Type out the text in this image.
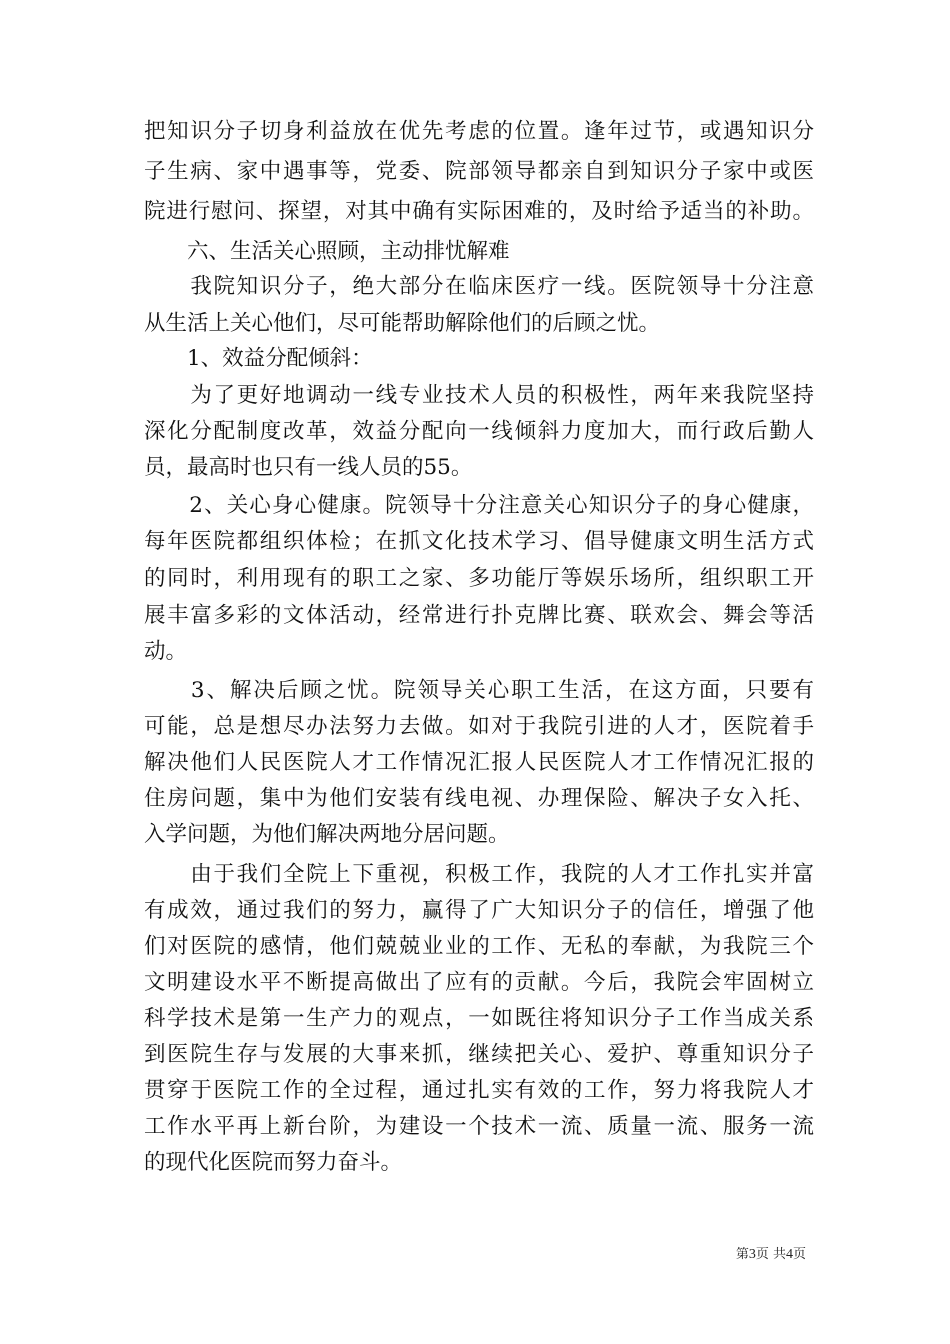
把知识分子切身利益放在优先考虑的位置。逢年过节，或遇知识分
子生病、家中遇事等，党委、院部领导都亲自到知识分子家中或医
院进行慰问、探望，对其中确有实际困难的，及时给予适当的补助。
　　六、生活关心照顾，主动排忧解难
　　我院知识分子，绝大部分在临床医疗一线。医院领导十分注意
从生活上关心他们，尽可能帮助解除他们的后顾之忧。
　　1、效益分配倾斜：
　　为了更好地调动一线专业技术人员的积极性，两年来我院坚持
深化分配制度改革，效益分配向一线倾斜力度加大，而行政后勤人
员，最高时也只有一线人员的55。
　　2、关心身心健康。院领导十分注意关心知识分子的身心健康，
每年医院都组织体检；在抓文化技术学习、倡导健康文明生活方式
的同时，利用现有的职工之家、多功能厅等娱乐场所，组织职工开
展丰富多彩的文体活动，经常进行扑克牌比赛、联欢会、舞会等活
动。
　　3、解决后顾之忧。院领导关心职工生活，在这方面，只要有
可能，总是想尽办法努力去做。如对于我院引进的人才，医院着手
解决他们人民医院人才工作情况汇报人民医院人才工作情况汇报的
住房问题，集中为他们安装有线电视、办理保险、解决子女入托、
入学问题，为他们解决两地分居问题。
　　由于我们全院上下重视，积极工作，我院的人才工作扎实并富
有成效，通过我们的努力，赢得了广大知识分子的信任，增强了他
们对医院的感情，他们兢兢业业的工作、无私的奉献，为我院三个
文明建设水平不断提高做出了应有的贡献。今后，我院会牢固树立
科学技术是第一生产力的观点，一如既往将知识分子工作当成关系
到医院生存与发展的大事来抓，继续把关心、爱护、尊重知识分子
贯穿于医院工作的全过程，通过扎实有效的工作，努力将我院人才
工作水平再上新台阶，为建设一个技术一流、质量一流、服务一流
的现代化医院而努力奋斗。
第3页 共4页
